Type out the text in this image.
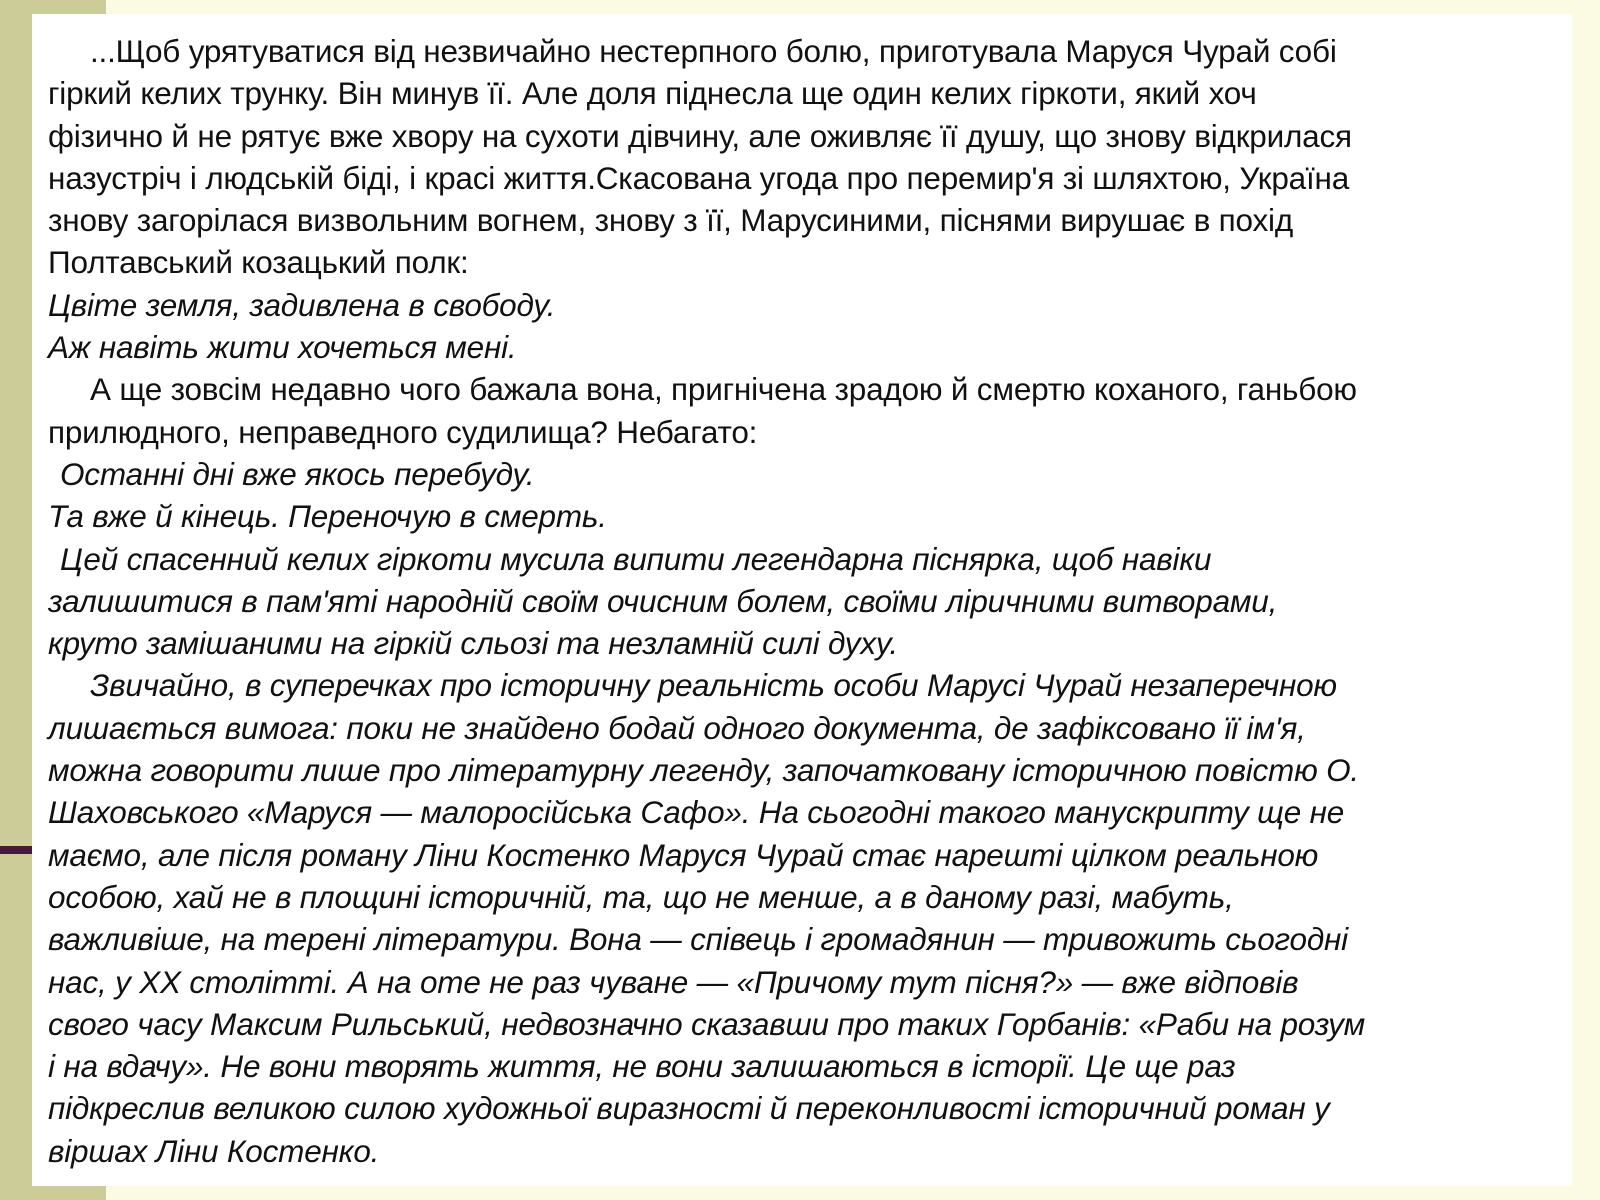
...Щоб урятуватися від незвичайно нестерпного болю, приготувала Маруся Чурай собі
гіркий келих трунку. Він минув її. Але доля піднесла ще один келих гіркоти, який хоч
фізично й не рятує вже хвору на сухоти дівчину, але оживляє її душу, що знову відкрилася
назустріч і людській біді, і красі життя.Скасована угода про перемир'я зі шляхтою, Україна
знову загорілася визвольним вогнем, знову з її, Марусиними, піснями вирушає в похід
Полтавський козацький полк:
Цвіте земля, задивлена в свободу.
Аж навіть жити хочеться мені.
А ще зовсім недавно чого бажала вона, пригнічена зрадою й смертю коханого, ганьбою
прилюдного, неправедного судилища? Небагато:
Останні дні вже якось перебуду.
Та вже й кінець. Переночую в смерть.
Цей спасенний келих гіркоти мусила випити легендарна піснярка, щоб навіки
залишитися в пам'яті народній своїм очисним болем, своїми ліричними витворами,
круто замішаними на гіркій сльозі та незламній силі духу.
Звичайно, в суперечках про історичну реальність особи Марусі Чурай незаперечною
лишається вимога: поки не знайдено бодай одного документа, де зафіксовано її ім'я,
можна говорити лише про літературну легенду, започатковану історичною повістю О.
Шаховського «Маруся — малоросійська Сафо». На сьогодні такого манускрипту ще не
маємо, але після роману Ліни Костенко Маруся Чурай стає нарешті цілком реальною
особою, хай не в площині історичній, та, що не менше, а в даному разі, мабуть,
важливіше, на терені літератури. Вона — співець і громадянин — тривожить сьогодні
нас, у XX столітті. А на оте не раз чуване — «Причому тут пісня?» — вже відповів
свого часу Максим Рильський, недвозначно сказавши про таких Горбанів: «Раби на розум
і на вдачу». Не вони творять життя, не вони залишаються в історії. Це ще раз
підкреслив великою силою художньої виразності й переконливості історичний роман у
віршах Ліни Костенко.
